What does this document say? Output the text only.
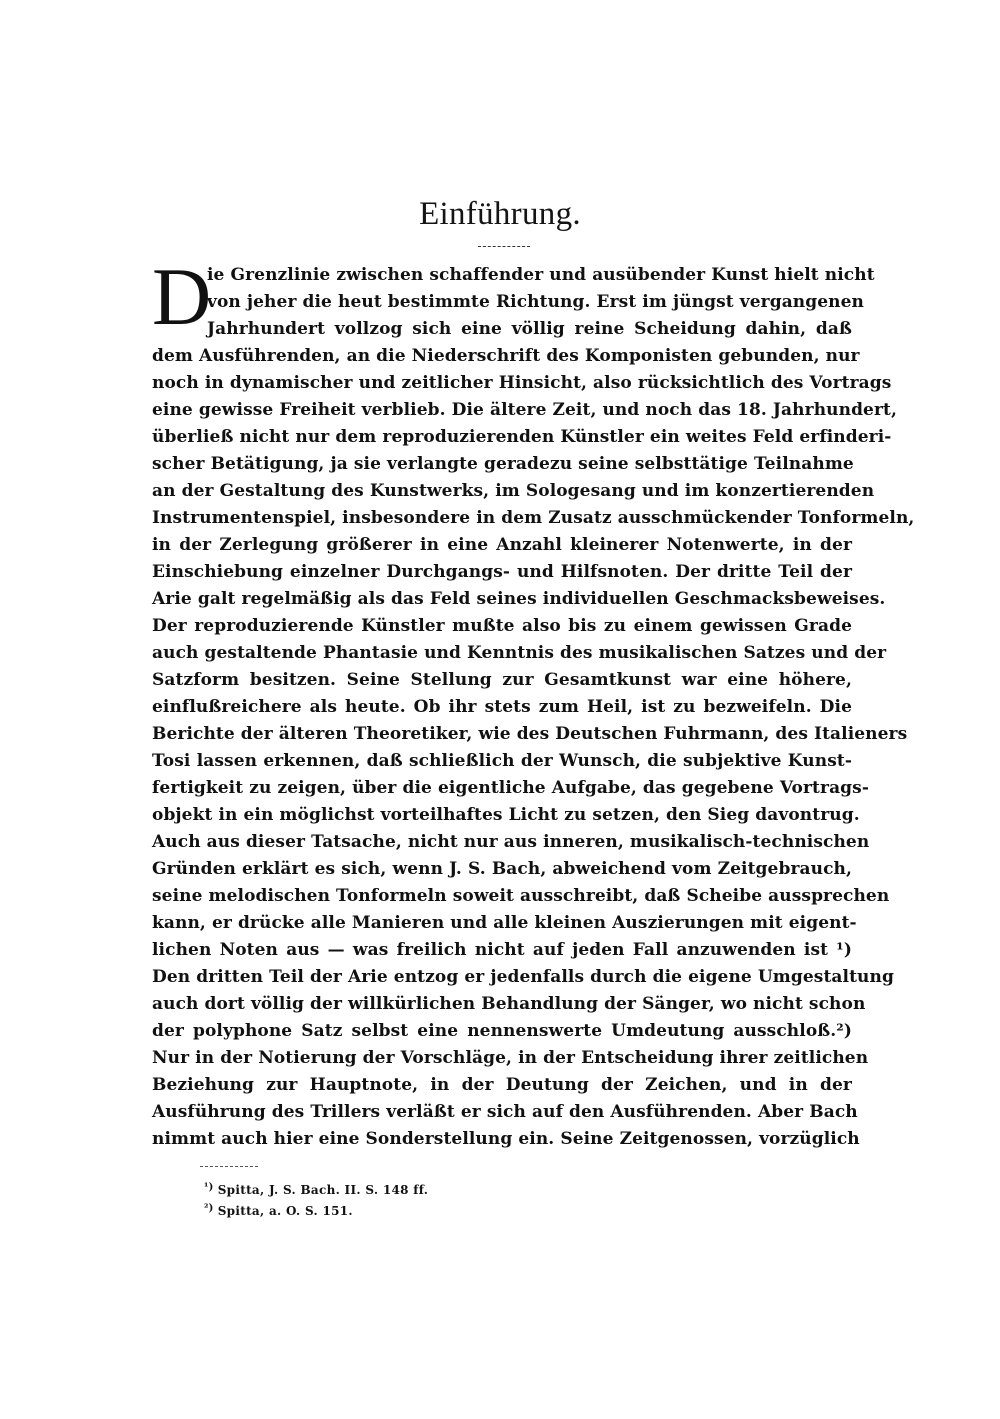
Einführung.
D
ie Grenzlinie zwischen schaffender und ausübender Kunst hielt nicht
von jeher die heut bestimmte Richtung. Erst im jüngst vergangenen
Jahrhundert vollzog sich eine völlig reine Scheidung dahin, daß
dem Ausführenden, an die Niederschrift des Komponisten gebunden, nur
noch in dynamischer und zeitlicher Hinsicht, also rücksichtlich des Vortrags
eine gewisse Freiheit verblieb. Die ältere Zeit, und noch das 18. Jahrhundert,
überließ nicht nur dem reproduzierenden Künstler ein weites Feld erfinderi-
scher Betätigung, ja sie verlangte geradezu seine selbsttätige Teilnahme
an der Gestaltung des Kunstwerks, im Sologesang und im konzertierenden
Instrumentenspiel, insbesondere in dem Zusatz ausschmückender Tonformeln,
in der Zerlegung größerer in eine Anzahl kleinerer Notenwerte, in der
Einschiebung einzelner Durchgangs- und Hilfsnoten. Der dritte Teil der
Arie galt regelmäßig als das Feld seines individuellen Geschmacksbeweises.
Der reproduzierende Künstler mußte also bis zu einem gewissen Grade
auch gestaltende Phantasie und Kenntnis des musikalischen Satzes und der
Satzform besitzen. Seine Stellung zur Gesamtkunst war eine höhere,
einflußreichere als heute. Ob ihr stets zum Heil, ist zu bezweifeln. Die
Berichte der älteren Theoretiker, wie des Deutschen Fuhrmann, des Italieners
Tosi lassen erkennen, daß schließlich der Wunsch, die subjektive Kunst-
fertigkeit zu zeigen, über die eigentliche Aufgabe, das gegebene Vortrags-
objekt in ein möglichst vorteilhaftes Licht zu setzen, den Sieg davontrug.
Auch aus dieser Tatsache, nicht nur aus inneren, musikalisch-technischen
Gründen erklärt es sich, wenn J. S. Bach, abweichend vom Zeitgebrauch,
seine melodischen Tonformeln soweit ausschreibt, daß Scheibe aussprechen
kann, er drücke alle Manieren und alle kleinen Auszierungen mit eigent-
lichen Noten aus — was freilich nicht auf jeden Fall anzuwenden ist ¹)
Den dritten Teil der Arie entzog er jedenfalls durch die eigene Umgestaltung
auch dort völlig der willkürlichen Behandlung der Sänger, wo nicht schon
der polyphone Satz selbst eine nennenswerte Umdeutung ausschloß.²)
Nur in der Notierung der Vorschläge, in der Entscheidung ihrer zeitlichen
Beziehung zur Hauptnote, in der Deutung der Zeichen, und in der
Ausführung des Trillers verläßt er sich auf den Ausführenden. Aber Bach
nimmt auch hier eine Sonderstellung ein. Seine Zeitgenossen, vorzüglich
$^{^1)}$ Spitta, J. S. Bach. II. S. 148 ff.
$^{^2)}$ Spitta, a. O. S. 151.
